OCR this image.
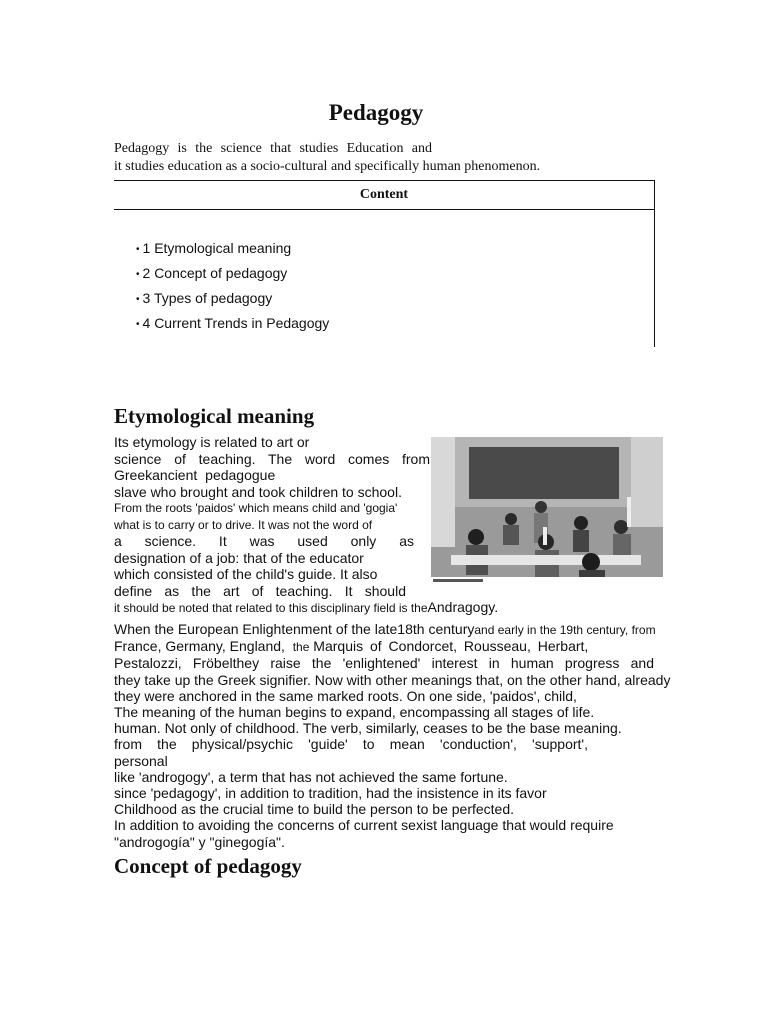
Pedagogy
Pedagogy is the science that studies Education and
it studies education as a socio-cultural and specifically human phenomenon.
Content
• 1 Etymological meaning
• 2 Concept of pedagogy
• 3 Types of pedagogy
• 4 Current Trends in Pedagogy
Etymological meaning
Its etymology is related to art or
science of teaching. The word comes from
Greekancient pedagogue
slave who brought and took children to school.
From the roots 'paidos' which means child and 'gogia'
what is to carry or to drive. It was not the word of
a science. It was used only as
designation of a job: that of the educator
which consisted of the child's guide. It also
define as the art of teaching. It should
it should be noted that related to this disciplinary field is theAndragogy.
When the European Enlightenment of the late18th centuryand early in the 19th century, from
France, Germany, England, the Marquis of Condorcet, Rousseau, Herbart,
Pestalozzi, Fröbelthey raise the 'enlightened' interest in human progress and
they take up the Greek signifier. Now with other meanings that, on the other hand, already
they were anchored in the same marked roots. On one side, 'paidos', child,
The meaning of the human begins to expand, encompassing all stages of life.
human. Not only of childhood. The verb, similarly, ceases to be the base meaning.
from the physical/psychic 'guide' to mean 'conduction', 'support',
personal
like 'androgogy', a term that has not achieved the same fortune.
since 'pedagogy', in addition to tradition, had the insistence in its favor
Childhood as the crucial time to build the person to be perfected.
In addition to avoiding the concerns of current sexist language that would require
"androgogía" y "ginegogía".
Concept of pedagogy
